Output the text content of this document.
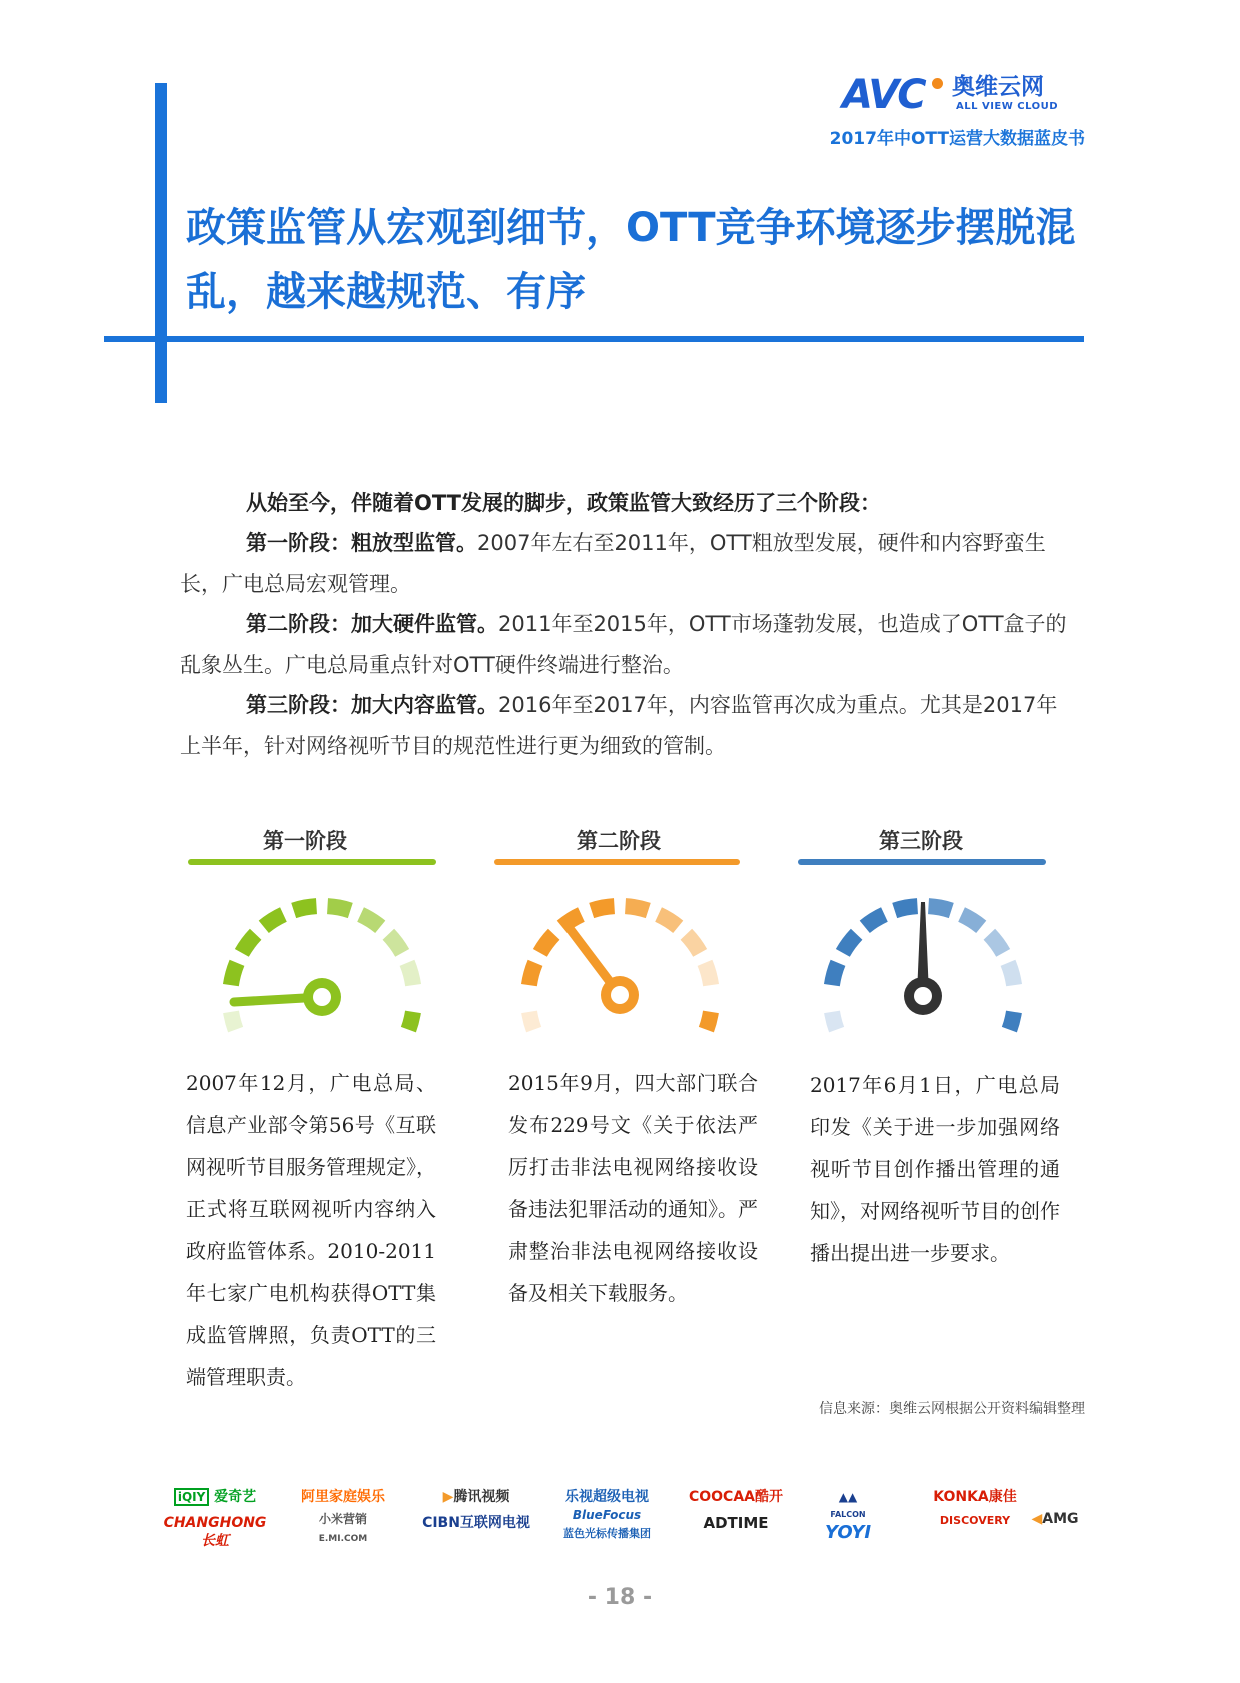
AVC 奥维云网
ALL VIEW CLOUD
2017年中OTT运营大数据蓝皮书
政策监管从宏观到细节，OTT竞争环境逐步摆脱混乱，越来越规范、有序
从始至今，伴随着OTT发展的脚步，政策监管大致经历了三个阶段：
第一阶段：粗放型监管。2007年左右至2011年，OTT粗放型发展，硬件和内容野蛮生长，广电总局宏观管理。
第二阶段：加大硬件监管。2011年至2015年，OTT市场蓬勃发展，也造成了OTT盒子的乱象丛生。广电总局重点针对OTT硬件终端进行整治。
第三阶段：加大内容监管。2016年至2017年，内容监管再次成为重点。尤其是2017年上半年，针对网络视听节目的规范性进行更为细致的管制。
第一阶段
2007年12月，广电总局、信息产业部令第56号《互联网视听节目服务管理规定》，正式将互联网视听内容纳入政府监管体系。2010-2011年七家广电机构获得OTT集成监管牌照，负责OTT的三端管理职责。
第二阶段
2015年9月，四大部门联合发布229号文《关于依法严厉打击非法电视网络接收设备违法犯罪活动的通知》。严肃整治非法电视网络接收设备及相关下载服务。
第三阶段
2017年6月1日，广电总局印发《关于进一步加强网络视听节目创作播出管理的通知》，对网络视听节目的创作播出提出进一步要求。
信息来源：奥维云网根据公开资料编辑整理
iQIY 爱奇艺
CHANGHONG长虹
阿里家庭娱乐
小米营销
E.MI.COM
▶腾讯视频
CIBN互联网电视
乐视超级电视
BlueFocus
蓝色光标传播集团
COOCAA酷开
ADTIME
▲▲
FALCON
YOYI
KONKA康佳
DISCOVERY	◀AMG
- 18 -
